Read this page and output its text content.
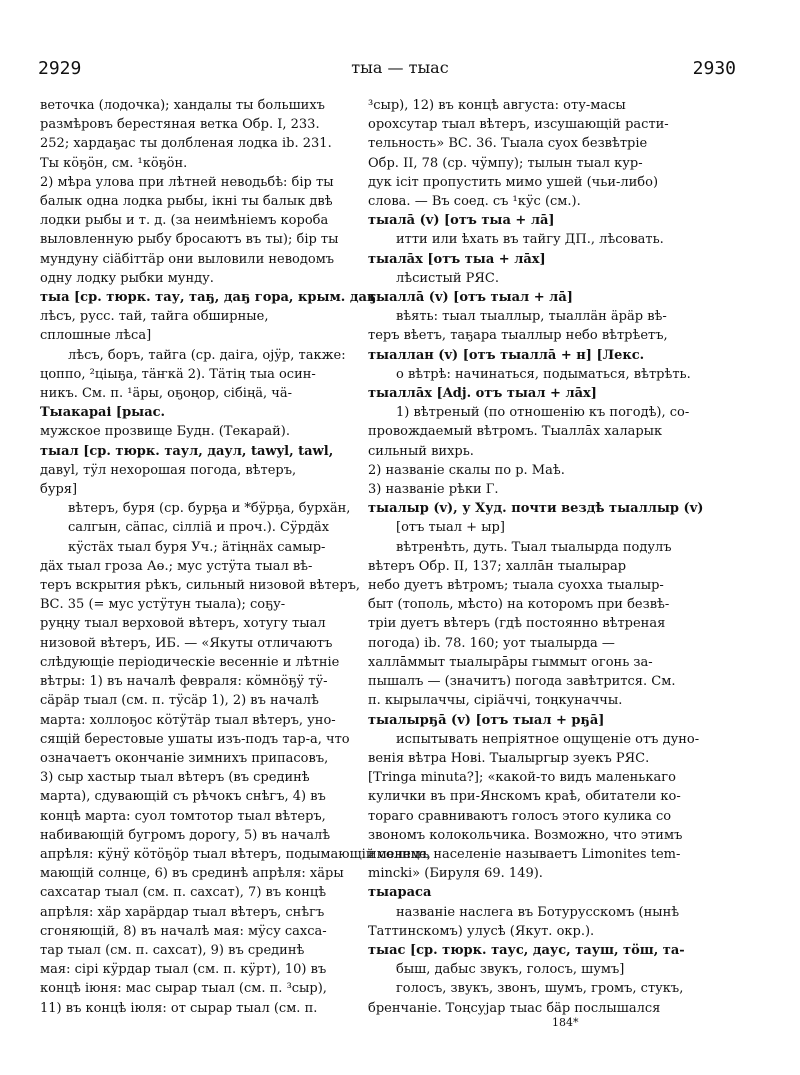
2929	тыа — тыас	2930
веточка (лодочка); хандалы ты большихъ
размѣровъ берестяная ветка Обр. I, 233.
252; хардаҕас ты долбленая лодка ib. 231.
Ты кӧҕӧн, см. ¹кӧҕӧн.
2) мѣра улова при лѣтней неводьбѣ: бір ты
балык одна лодка рыбы, ікні ты балык двѣ
лодки рыбы и т. д. (за неимѣніемъ короба
выловленную рыбу бросаютъ въ ты); бір ты
мундуну сіäбіттäр они выловили неводомъ
одну лодку рыбки мунду.
тыа [ср. тюрк. тау, таҕ, даҕ гора, крым. даҕ
лѣсъ, русс. тай, тайга обширные,
сплошные лѣса]
лѣсъ, боръ, тайга (ср. даіга, оjӱр, также:
цоппо, ²ціыҕа, тäҥкä 2). Тäтің тыа осин-
никъ. См. п. ¹äры, оҕоңор, сібіңä, чä-
Тыакараі [рыас.
мужское прозвище Будн. (Текарай).
тыал [ср. тюрк. таул, даул, tawyl, tawl,
давуl, тӱл нехорошая погода, вѣтеръ,
буря]
вѣтеръ, буря (ср. бурҕа и *бӱрҕа, бурхäн,
салгын, сäпас, сілліä и проч.). Сӱрдäх
кӱстäх тыал буря Уч.; äтіңнäх самыр-
дäх тыал гроза Аө.; мус устӱта тыал вѣ-
теръ вскрытия рѣкъ, сильный низовой вѣтеръ,
ВС. 35 (= мус устӱтун тыала); соҕу-
руңңу тыал верховой вѣтеръ, хотугу тыал
низовой вѣтеръ, ИБ. — «Якуты отличаютъ
слѣдующіе періодическіе весенніе и лѣтніе
вѣтры: 1) въ началѣ февраля: кӧмнӧҕӱ тӱ-
сäрäр тыал (см. п. тӱсäр 1), 2) въ началѣ
марта: холлоҕос кӧтӱтäр тыал вѣтеръ, уно-
сящій берестовые ушаты изъ-подъ тар-а, что
означаетъ окончаніе зимнихъ припасовъ,
3) сыр хастыр тыал вѣтеръ (въ срединѣ
марта), сдувающій съ рѣчокъ снѣгъ, 4) въ
концѣ марта: суол томтотор тыал вѣтеръ,
набивающій бугромъ дорогу, 5) въ началѣ
апрѣля: кӱнӱ кӧтӧҕӧр тыал вѣтеръ, подымающій солнце,
мающій солнце, 6) въ срединѣ апрѣля: хäры
сахсатар тыал (см. п. сахсат), 7) въ концѣ
апрѣля: хäр харäрдар тыал вѣтеръ, снѣгъ
сгоняющій, 8) въ началѣ мая: мӱсу сахса-
тар тыал (см. п. сахсат), 9) въ срединѣ
мая: сірі кӱрдар тыал (см. п. кӱрт), 10) въ
концѣ іюня: мас сырар тыал (см. п. ³сыр),
11) въ концѣ іюля: от сырар тыал (см. п.
³сыр), 12) въ концѣ августа: оту-масы
орохсутар тыал вѣтеръ, изсушающій расти-
тельность» ВС. 36. Тыала суох безвѣтріе
Обр. II, 78 (ср. чӱмпу); тылын тыал кур-
дук ісіт пропустить мимо ушей (чьи-либо)
слова. — Въ соед. съ ¹кӱс (см.).
тыалā (v) [отъ тыа + лā]
итти или ѣхать въ тайгу ДП., лѣсовать.
тыалāх [отъ тыа + лāх]
лѣсистый РЯС.
тыаллā (v) [отъ тыал + лā]
вѣять: тыал тыаллыр, тыаллäн äрäр вѣ-
теръ вѣетъ, таҕара тыаллыр небо вѣтрѣетъ,
тыаллан (v) [отъ тыаллā + н] [Лекс.
о вѣтрѣ: начинаться, подыматься, вѣтрѣть.
тыаллāх [Adj. отъ тыал + лāх]
1) вѣтреный (по отношенію къ погодѣ), со-
провождаемый вѣтромъ. Тыаллāх халарык
сильный вихрь.
2) названіе скалы по р. Маѣ.
3) названіе рѣки Г.
тыалыр (v), у Худ. почти вездѣ тыаллыр (v)
[отъ тыал + ыр]
вѣтренѣть, дуть. Тыал тыалырда подулъ
вѣтеръ Обр. II, 137; халлāн тыалырар
небо дуетъ вѣтромъ; тыала суохха тыалыр-
быт (тополь, мѣсто) на которомъ при безвѣ-
тріи дуетъ вѣтеръ (гдѣ постоянно вѣтреная
погода) ib. 78. 160; уот тыалырда —
халлāммыт тыалырāры гыммыт огонь за-
пышалъ — (значитъ) погода завѣтрится. См.
п. кырылаччы, сіріäччі, тоңкуначчы.
тыалырҕā (v) [отъ тыал + рҕā]
испытывать непріятное ощущеніе отъ дуно-
венія вѣтра Нові. Тыалыргыр зуекъ РЯС.
[Tringa minuta?]; «какой-то видъ маленькаго
кулички въ при-Янскомъ краѣ, обитатели ко-
тораго сравниваютъ голосъ этого кулика со
звономъ колокольчика. Возможно, что этимъ
именемъ населеніе называетъ Limonites tem-
mincki» (Бируля 69. 149).
тыараса
названіе наслега въ Ботурусскомъ (нынѣ
Таттинскомъ) улусѣ (Якут. окр.).
тыас [ср. тюрк. таус, даус, тауш, тӧш, та-
быш, дабыс звукъ, голосъ, шумъ]
голосъ, звукъ, звонъ, шумъ, громъ, стукъ,
бренчаніе. Тоңсуjар тыас бäр послышался
184*
